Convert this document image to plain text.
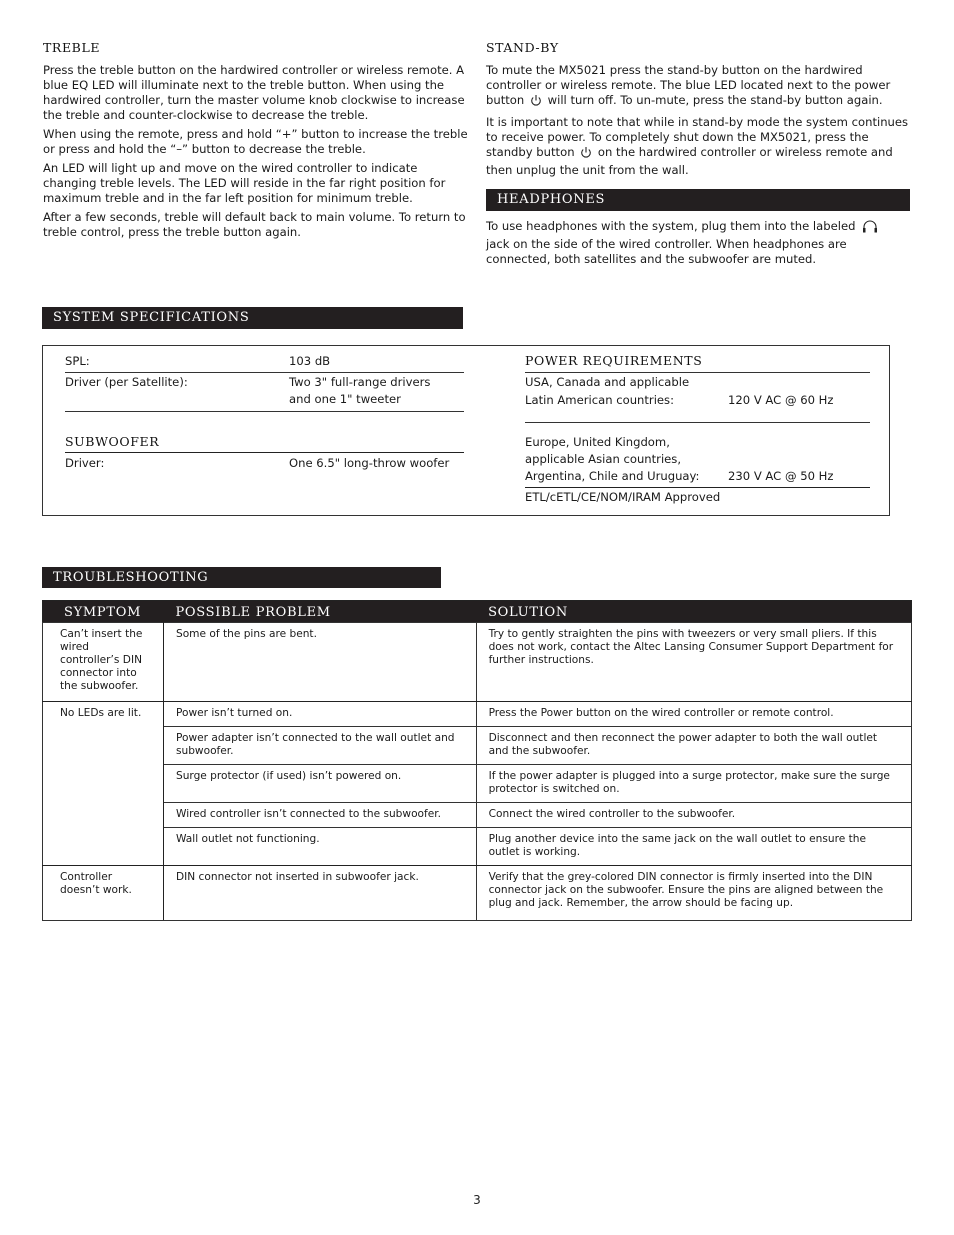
TREBLE

Press the treble button on the hardwired controller or wireless remote. A blue EQ LED will illuminate next to the treble button. When using the hardwired controller, turn the master volume knob clockwise to increase the treble and counter-clockwise to decrease the treble.

When using the remote, press and hold “+” button to increase the treble or press and hold the “–” button to decrease the treble.

An LED will light up and move on the wired controller to indicate changing treble levels. The LED will reside in the far right position for maximum treble and in the far left position for minimum treble.

After a few seconds, treble will default back to main volume. To return to treble control, press the treble button again.

STAND-BY

To mute the MX5021 press the stand-by button on the hardwired controller or wireless remote. The blue LED located next to the power button will turn off. To un-mute, press the stand-by button again.

It is important to note that while in stand-by mode the system continues to receive power. To completely shut down the MX5021, press the standby button on the hardwired controller or wireless remote and then unplug the unit from the wall.

HEADPHONES

To use headphones with the system, plug them into the labeled  jack on the side of the wired controller. When headphones are connected, both satellites and the subwoofer are muted.

SYSTEM SPECIFICATIONS
SPL:	103 dB
Driver (per Satellite):	Two 3" full-range drivers
and one 1" tweeter
SUBWOOFER
Driver:	One 6.5" long-throw woofer
POWER REQUIREMENTS
USA, Canada and applicable
Latin American countries:	120 V AC @ 60 Hz
Europe, United Kingdom,
applicable Asian countries,
Argentina, Chile and Uruguay: 230 V AC @ 50 Hz
ETL/cETL/CE/NOM/IRAM Approved
TROUBLESHOOTING
SYMPTOM	POSSIBLE PROBLEM	SOLUTION
Can’t insert the wired controller’s DIN connector into the subwoofer.	Some of the pins are bent.	Try to gently straighten the pins with tweezers or very small pliers. If this does not work, contact the Altec Lansing Consumer Support Department for further instructions.
No LEDs are lit.	Power isn’t turned on.	Press the Power button on the wired controller or remote control.
	Power adapter isn’t connected to the wall outlet and subwoofer.	Disconnect and then reconnect the power adapter to both the wall outlet and the subwoofer.
	Surge protector (if used) isn’t powered on.	If the power adapter is plugged into a surge protector, make sure the surge protector is switched on.
	Wired controller isn’t connected to the subwoofer.	Connect the wired controller to the subwoofer.
	Wall outlet not functioning.	Plug another device into the same jack on the wall outlet to ensure the outlet is working.
Controller doesn’t work.	DIN connector not inserted in subwoofer jack.	Verify that the grey-colored DIN connector is firmly inserted into the DIN connector jack on the subwoofer. Ensure the pins are aligned between the plug and jack. Remember, the arrow should be facing up.
3
